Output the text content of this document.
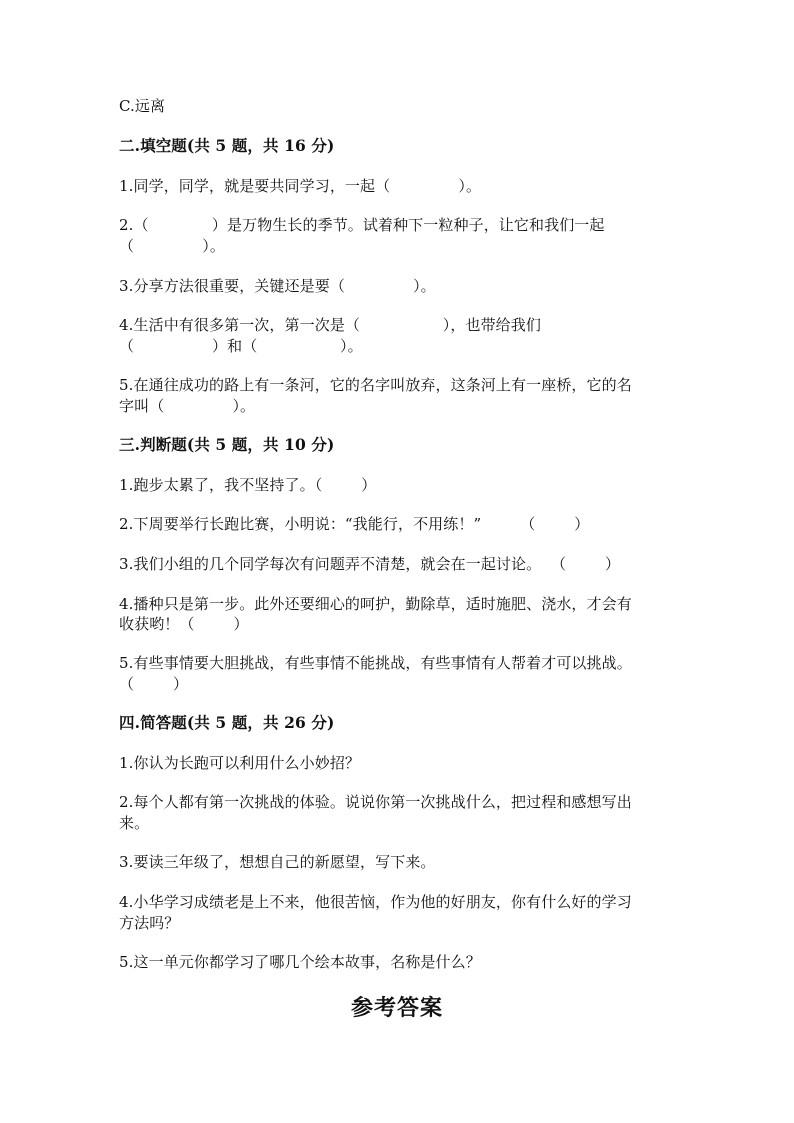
C.远离
二.填空题(共 5 题，共 16 分)
1.同学，同学，就是要共同学习，一起（              ）。
2.（             ）是万物生长的季节。试着种下一粒种子，让它和我们一起
（              ）。
3.分享方法很重要，关键还是要（              ）。
4.生活中有很多第一次，第一次是（                 ），也带给我们
（                ）和（                 ）。
5.在通往成功的路上有一条河，它的名字叫放弃，这条河上有一座桥，它的名
字叫（              ）。
三.判断题(共 5 题，共 10 分)
1.跑步太累了，我不坚持了。（        ）
2.下周要举行长跑比赛，小明说：“我能行，不用练！”        （        ）
3.我们小组的几个同学每次有问题弄不清楚，就会在一起讨论。  （        ）
4.播种只是第一步。此外还要细心的呵护，勤除草，适时施肥、浇水，才会有
收获哟！（        ）
5.有些事情要大胆挑战，有些事情不能挑战，有些事情有人帮着才可以挑战。
（        ）
四.简答题(共 5 题，共 26 分)
1.你认为长跑可以利用什么小妙招？
2.每个人都有第一次挑战的体验。说说你第一次挑战什么，把过程和感想写出
来。
3.要读三年级了，想想自己的新愿望，写下来。
4.小华学习成绩老是上不来，他很苦恼，作为他的好朋友，你有什么好的学习
方法吗？
5.这一单元你都学习了哪几个绘本故事，名称是什么？
参考答案
